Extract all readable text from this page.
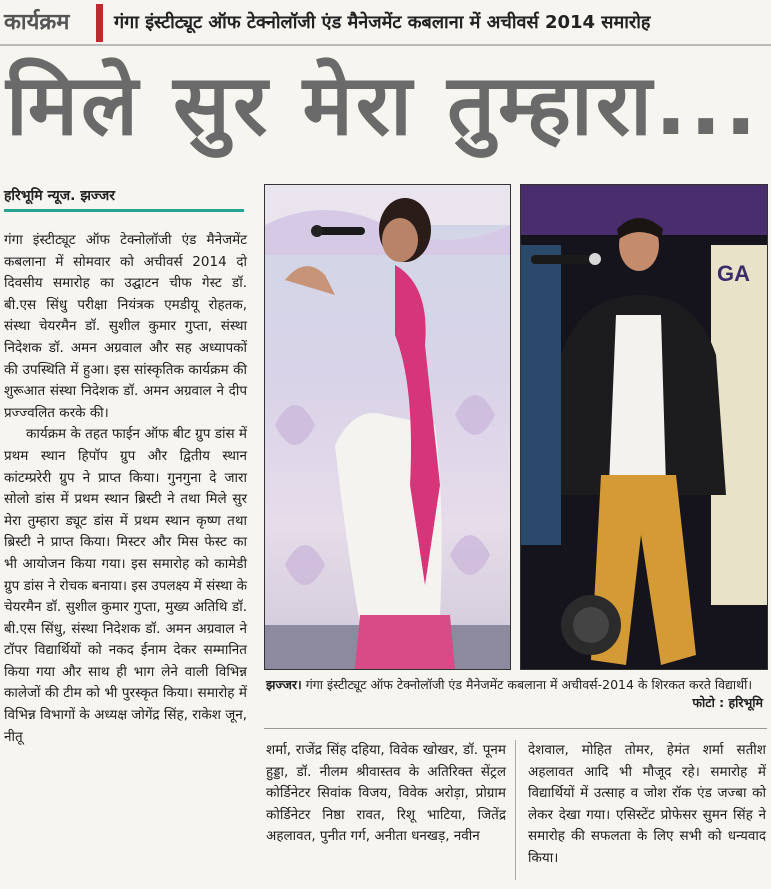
कार्यक्रम गंगा इंस्टीट्यूट ऑफ टेक्नोलॉजी एंड मैनेजमेंट कबलाना में अचीवर्स 2014 समारोह
मिले सुर मेरा तुम्हारा...
हरिभूमि न्यूज. झज्जर

गंगा इंस्टीट्यूट ऑफ टेक्नोलॉजी एंड मैनेजमेंट कबलाना में सोमवार को अचीवर्स 2014 दो दिवसीय समारोह का उद्घाटन चीफ गेस्ट डॉ. बी.एस सिंधु परीक्षा नियंत्रक एमडीयू रोहतक, संस्था चेयरमैन डॉ. सुशील कुमार गुप्ता, संस्था निदेशक डॉ. अमन अग्रवाल और सह अध्यापकों की उपस्थिति में हुआ। इस सांस्कृतिक कार्यक्रम की शुरूआत संस्था निदेशक डॉ. अमन अग्रवाल ने दीप प्रज्ज्वलित करके की।

कार्यक्रम के तहत फाईन ऑफ बीट ग्रुप डांस में प्रथम स्थान हिपॉप ग्रुप और द्वितीय स्थान कांटम्प्ररेरी ग्रुप ने प्राप्त किया। गुनगुना दे जारा सोलो डांस में प्रथम स्थान ब्रिस्टी ने तथा मिले सुर मेरा तुम्हारा ड्यूट डांस में प्रथम स्थान कृष्ण तथा ब्रिस्टी ने प्राप्त किया। मिस्टर और मिस फेस्ट का भी आयोजन किया गया। इस समारोह को कामेडी ग्रुप डांस ने रोचक बनाया। इस उपलक्ष्य में संस्था के चेयरमैन डॉ. सुशील कुमार गुप्ता, मुख्य अतिथि डॉ. बी.एस सिंधु, संस्था निदेशक डॉ. अमन अग्रवाल ने टॉपर विद्यार्थियों को नकद ईनाम देकर सम्मानित किया गया और साथ ही भाग लेने वाली विभिन्न कालेजों की टीम को भी पुरस्कृत किया। समारोह में विभिन्न विभागों के अध्यक्ष जोगेंद्र सिंह, राकेश जून, नीतू

GA
झज्जर। गंगा इंस्टीट्यूट ऑफ टेक्नोलॉजी एंड मैनेजमेंट कबलाना में अचीवर्स-2014 के शिरकत करते विद्यार्थी।
फोटो : हरिभूमि
शर्मा, राजेंद्र सिंह दहिया, विवेक खोखर, डॉ. पूनम हुड्डा, डॉ. नीलम श्रीवास्तव के अतिरिक्त सेंट्रल कोर्डिनेटर सिवांक विजय, विवेक अरोड़ा, प्रोग्राम कोर्डिनेटर निष्ठा रावत, रिशू भाटिया, जितेंद्र अहलावत, पुनीत गर्ग, अनीता धनखड़, नवीन
देशवाल, मोहित तोमर, हेमंत शर्मा सतीश अहलावत आदि भी मौजूद रहे। समारोह में विद्यार्थियों में उत्साह व जोश रॉक एंड जज्बा को लेकर देखा गया। एसिस्टेंट प्रोफेसर सुमन सिंह ने समारोह की सफलता के लिए सभी को धन्यवाद किया।
